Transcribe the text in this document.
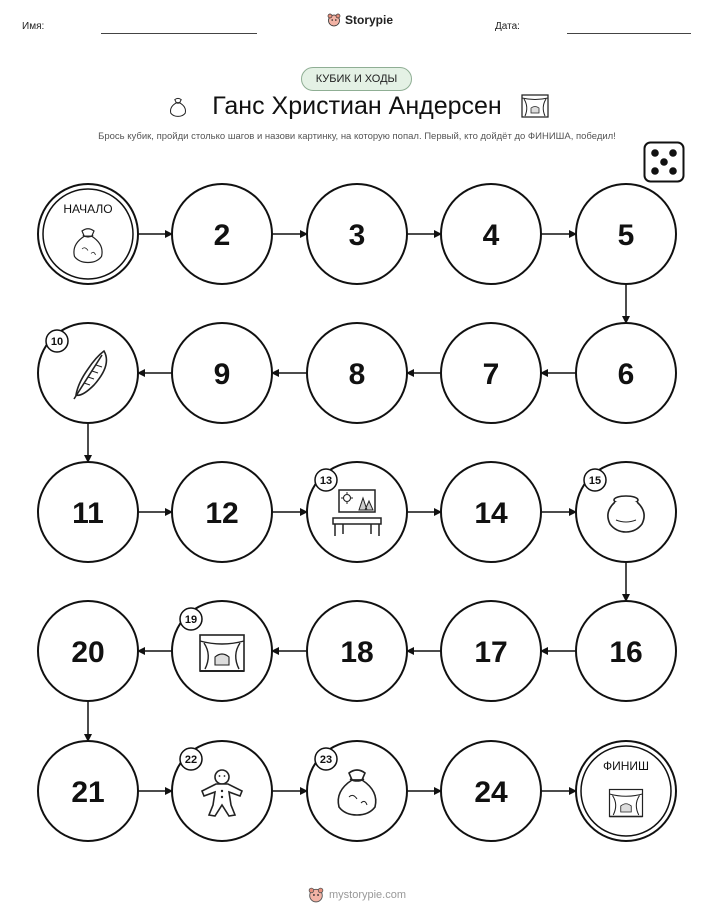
Имя:	Storypie	Дата:
КУБИК И ХОДЫ
Ганс Христиан Андерсен
Брось кубик, пройди столько шагов и назови картинку, на которую попал. Первый, кто дойдёт до ФИНИША, победил!
НАЧАЛО
2	3	4	5
6
7
8
9
10
11	12
13
14
15
16
17
18
19
20
21
22	23
24
ФИНИШ
mystorypie.com
